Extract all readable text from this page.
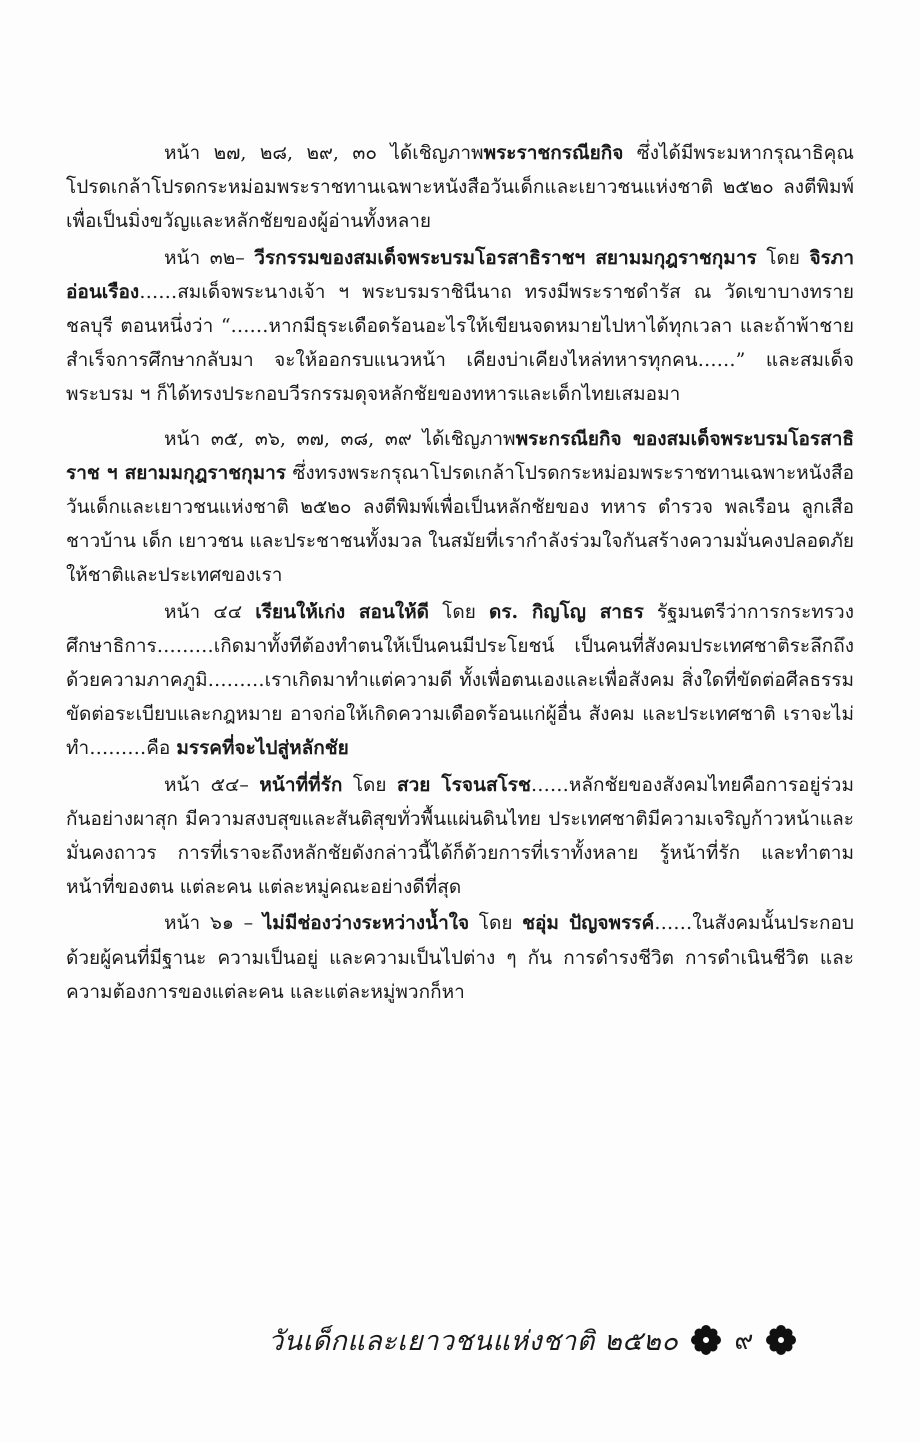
หน้า ๒๗, ๒๘, ๒๙, ๓๐ ได้เชิญภาพพระราชกรณียกิจ ซึ่งได้มีพระมหากรุณาธิคุณ โปรดเกล้าโปรดกระหม่อมพระราชทานเฉพาะหนังสือวันเด็กและเยาวชนแห่งชาติ ๒๕๒๐ ลงตีพิมพ์เพื่อเป็นมิ่งขวัญและหลักชัยของผู้อ่านทั้งหลาย

หน้า ๓๒– วีรกรรมของสมเด็จพระบรมโอรสาธิราชฯ สยามมกุฎราชกุมาร โดย จิรภา อ่อนเรือง……สมเด็จพระนางเจ้า ฯ พระบรมราชินีนาถ ทรงมีพระราชดำรัส ณ วัดเขาบางทราย ชลบุรี ตอนหนึ่งว่า “……หากมีธุระเดือดร้อนอะไรให้เขียนจดหมายไปหาได้ทุกเวลา และถ้าพ้าชายสำเร็จการศึกษากลับมา จะให้ออกรบแนวหน้า เคียงบ่าเคียงไหล่ทหารทุกคน……” และสมเด็จพระบรม ฯ ก็ได้ทรงประกอบวีรกรรมดุจหลักชัยของทหารและเด็กไทยเสมอมา

หน้า ๓๕, ๓๖, ๓๗, ๓๘, ๓๙ ได้เชิญภาพพระกรณียกิจ ของสมเด็จพระบรมโอรสาธิราช ฯ สยามมกุฎราชกุมาร ซึ่งทรงพระกรุณาโปรดเกล้าโปรดกระหม่อมพระราชทานเฉพาะหนังสือวันเด็กและเยาวชนแห่งชาติ ๒๕๒๐ ลงตีพิมพ์เพื่อเป็นหลักชัยของ ทหาร ตำรวจ พลเรือน ลูกเสือชาวบ้าน เด็ก เยาวชน และประชาชนทั้งมวล ในสมัยที่เรากำลังร่วมใจกันสร้างความมั่นคงปลอดภัยให้ชาติและประเทศของเรา

หน้า ๔๔ เรียนให้เก่ง สอนให้ดี โดย ดร. กิญโญ สาธร รัฐมนตรีว่าการกระทรวงศึกษาธิการ………เกิดมาทั้งทีต้องทำตนให้เป็นคนมีประโยชน์ เป็นคนที่สังคมประเทศชาติระลึกถึงด้วยความภาคภูมิ………เราเกิดมาทำแต่ความดี ทั้งเพื่อตนเองและเพื่อสังคม สิ่งใดที่ขัดต่อศีลธรรม ขัดต่อระเบียบและกฎหมาย อาจก่อให้เกิดความเดือดร้อนแก่ผู้อื่น สังคม และประเทศชาติ เราจะไม่ทำ………คือ มรรคที่จะไปสู่หลักชัย

หน้า ๕๔– หน้าที่ที่รัก โดย สวย โรจนสโรช……หลักชัยของสังคมไทยคือการอยู่ร่วมกันอย่างผาสุก มีความสงบสุขและสันติสุขทั่วพื้นแผ่นดินไทย ประเทศชาติมีความเจริญก้าวหน้าและมั่นคงถาวร การที่เราจะถึงหลักชัยดังกล่าวนี้ได้ก็ด้วยการที่เราทั้งหลาย รู้หน้าที่รัก และทำตามหน้าที่ของตน แต่ละคน แต่ละหมู่คณะอย่างดีที่สุด

หน้า ๖๑ – ไม่มีช่องว่างระหว่างน้ำใจ โดย ชอุ่ม ปัญจพรรค์……ในสังคมนั้นประกอบด้วยผู้คนที่มีฐานะ ความเป็นอยู่ และความเป็นไปต่าง ๆ กัน การดำรงชีวิต การดำเนินชีวิต และความต้องการของแต่ละคน และแต่ละหมู่พวกก็หา

วันเด็กและเยาวชนแห่งชาติ ๒๕๒๐ ๙
